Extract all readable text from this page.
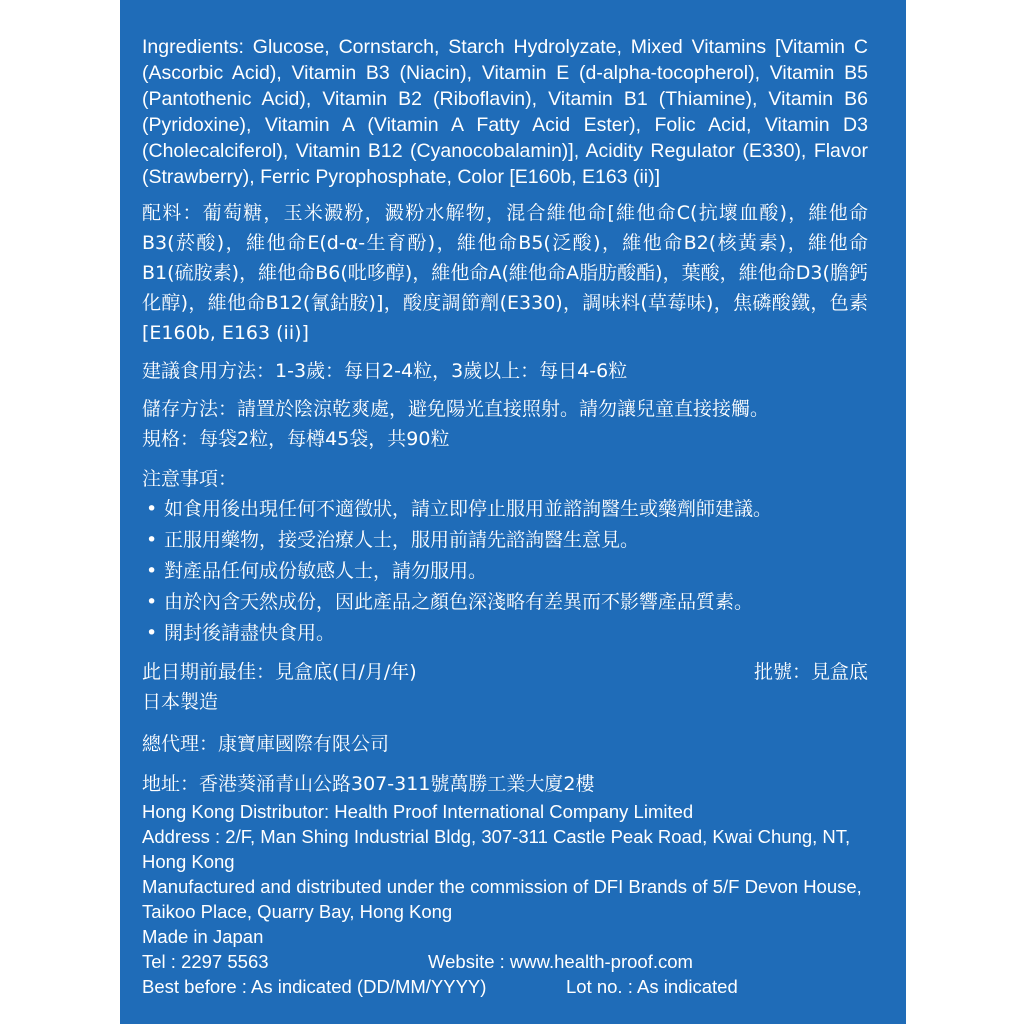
Ingredients: Glucose, Cornstarch, Starch Hydrolyzate, Mixed Vitamins [Vitamin C (Ascorbic Acid), Vitamin B3 (Niacin), Vitamin E (d-alpha-tocopherol), Vitamin B5 (Pantothenic Acid), Vitamin B2 (Riboflavin), Vitamin B1 (Thiamine), Vitamin B6 (Pyridoxine), Vitamin A (Vitamin A Fatty Acid Ester), Folic Acid, Vitamin D3 (Cholecalciferol), Vitamin B12 (Cyanocobalamin)], Acidity Regulator (E330), Flavor (Strawberry), Ferric Pyrophosphate, Color [E160b, E163 (ii)]

配料：葡萄糖，玉米澱粉，澱粉水解物，混合維他命[維他命C(抗壞血酸)，維他命B3(菸酸)，維他命E(d-α-生育酚)，維他命B5(泛酸)，維他命B2(核黃素)，維他命B1(硫胺素)，維他命B6(吡哆醇)，維他命A(維他命A脂肪酸酯)，葉酸，維他命D3(膽鈣化醇)，維他命B12(氰鈷胺)]，酸度調節劑(E330)，調味料(草莓味)，焦磷酸鐵，色素[E160b, E163 (ii)]

建議食用方法：1-3歲：每日2-4粒，3歲以上：每日4-6粒

儲存方法：請置於陰涼乾爽處，避免陽光直接照射。請勿讓兒童直接接觸。

規格：每袋2粒，每樽45袋，共90粒

注意事項：

• 如食用後出現任何不適徵狀，請立即停止服用並諮詢醫生或藥劑師建議。
• 正服用藥物，接受治療人士，服用前請先諮詢醫生意見。
• 對產品任何成份敏感人士，請勿服用。
• 由於內含天然成份，因此產品之顏色深淺略有差異而不影響產品質素。
• 開封後請盡快食用。
此日期前最佳：見盒底(日/月/年)	批號：見盒底

日本製造

總代理：康寶庫國際有限公司

地址：香港葵涌青山公路307-311號萬勝工業大廈2樓

Hong Kong Distributor: Health Proof International Company Limited

Address : 2/F, Man Shing Industrial Bldg, 307-311 Castle Peak Road, Kwai Chung, NT, Hong Kong

Manufactured and distributed under the commission of DFI Brands of 5/F Devon House, Taikoo Place, Quarry Bay, Hong Kong

Made in Japan

Tel : 2297 5563	Website : www.health-proof.com
Best before : As indicated (DD/MM/YYYY)	Lot no. : As indicated
